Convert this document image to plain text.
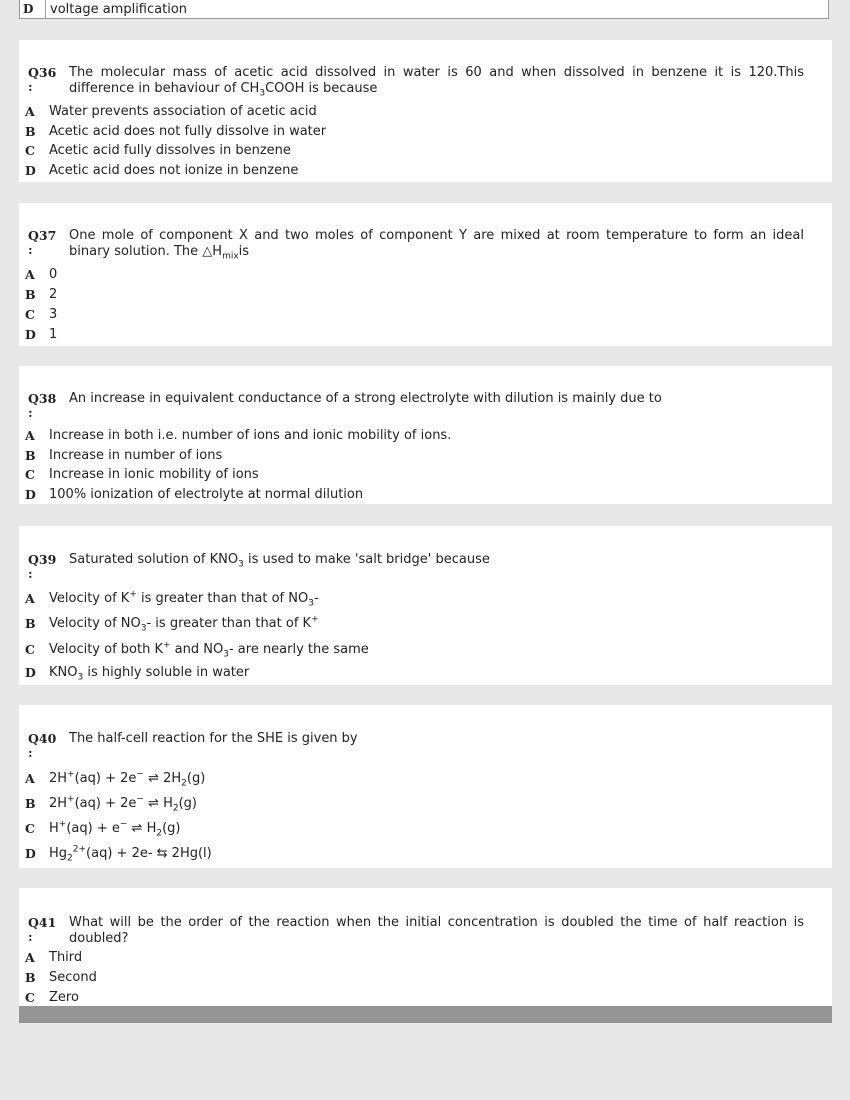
D	voltage amplification
Q36
:
The molecular mass of acetic acid dissolved in water is 60 and when dissolved in benzene it is 120.This difference in behaviour of $CH_3COOH$ is because
A	Water prevents association of acetic acid
B	Acetic acid does not fully dissolve in water
C	Acetic acid fully dissolves in benzene
D	Acetic acid does not ionize in benzene
Q37
:
One mole of component X and two moles of component Y are mixed at room temperature to form an ideal binary solution. The $\triangle H_{mix}is$
A	0
B	2
C	3
D	1
Q38
:
An increase in equivalent conductance of a strong electrolyte with dilution is mainly due to
A	Increase in both i.e. number of ions and ionic mobility of ions.
B	Increase in number of ions
C	Increase in ionic mobility of ions
D	100% ionization of electrolyte at normal dilution
Q39
:
Saturated solution of $KNO_3$ is used to make 'salt bridge' because
A	Velocity of K+ is greater than that of $NO_3-$
B	Velocity of $NO_3-$ is greater than that of K+
C	Velocity of both K+ and $NO_3-$ are nearly the same
D	$KNO_3$ is highly soluble in water
Q40
:
The half-cell reaction for the SHE is given by
A	2H+(aq) + 2e− ⇌ $2H_2(g)$
B	2H+(aq) + 2e− ⇌ $H_2(g)$
C	H+(aq) + e− ⇌ $H_2(g)$
D	$Hg_2^{2+}(aq) + 2e-$ ⇆ 2Hg(l)
Q41
:
What will be the order of the reaction when the initial concentration is doubled the time of half reaction is doubled?
A	Third
B	Second
C	Zero
